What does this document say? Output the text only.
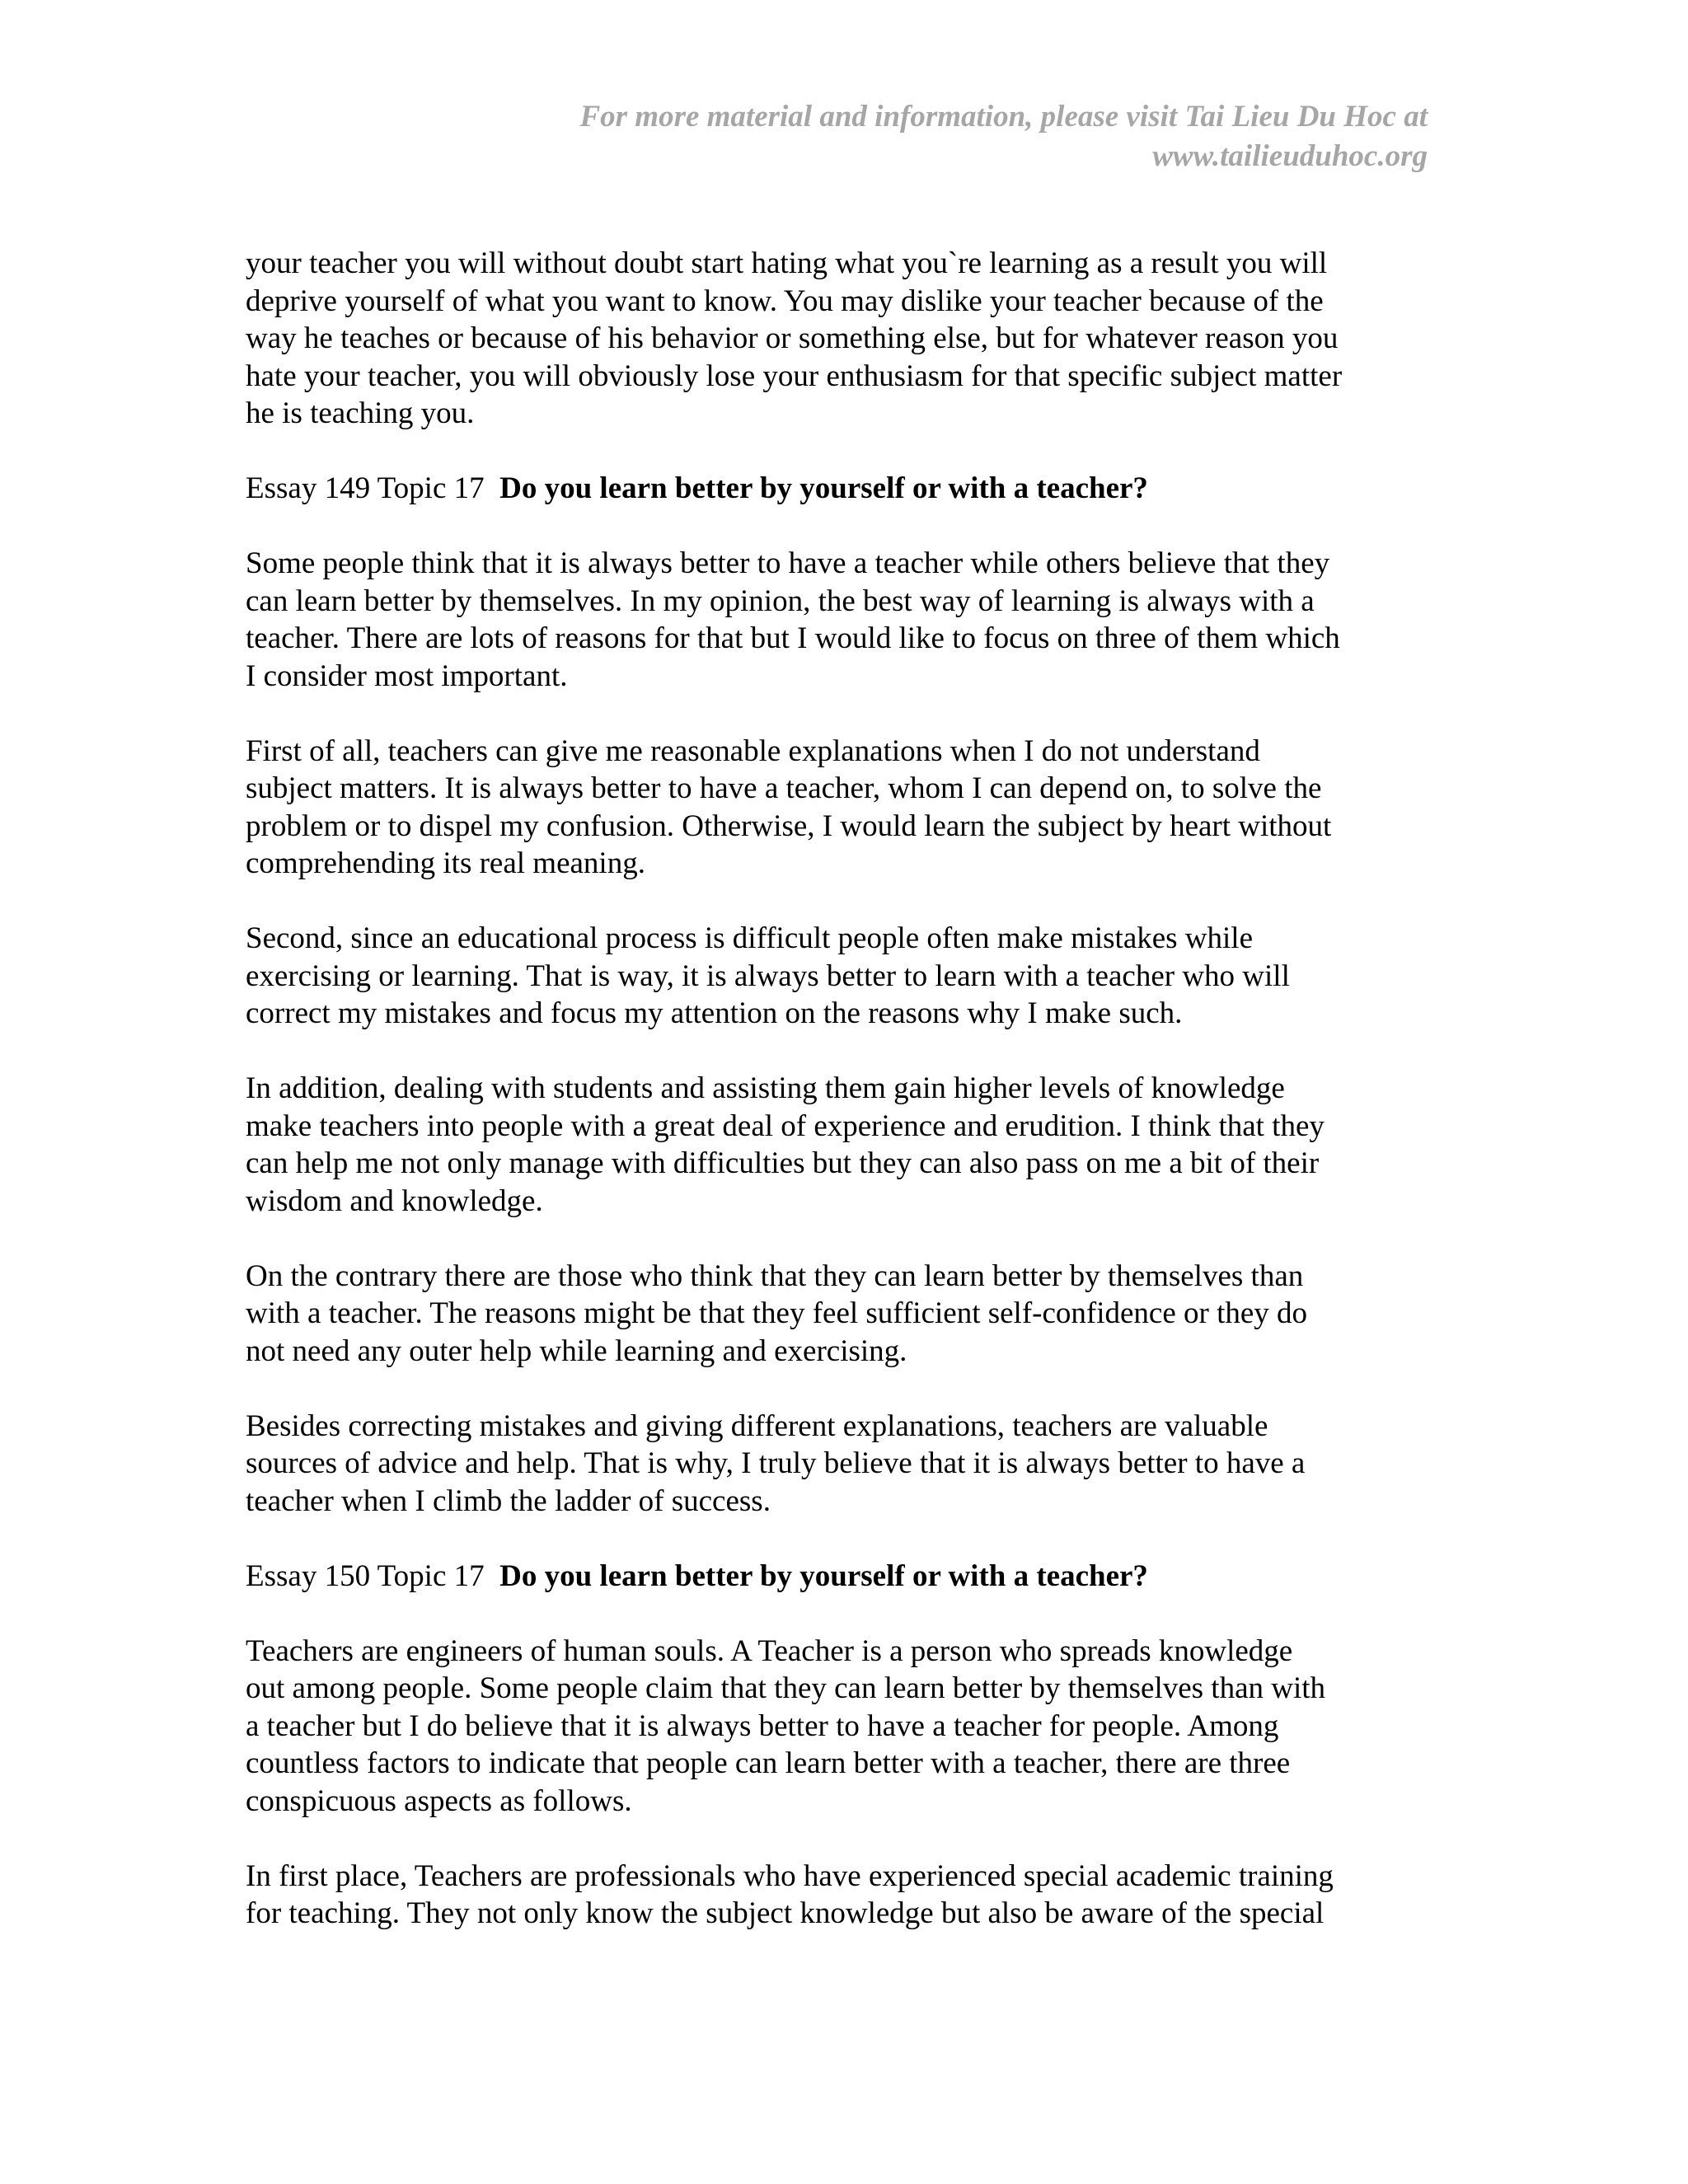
For more material and information, please visit Tai Lieu Du Hoc at
www.tailieuduhoc.org
your teacher you will without doubt start hating what you`re learning as a result you will
deprive yourself of what you want to know. You may dislike your teacher because of the
way he teaches or because of his behavior or something else, but for whatever reason you
hate your teacher, you will obviously lose your enthusiasm for that specific subject matter
he is teaching you.
Essay 149 Topic 17  Do you learn better by yourself or with a teacher?
Some people think that it is always better to have a teacher while others believe that they
can learn better by themselves. In my opinion, the best way of learning is always with a
teacher. There are lots of reasons for that but I would like to focus on three of them which
I consider most important.
First of all, teachers can give me reasonable explanations when I do not understand
subject matters. It is always better to have a teacher, whom I can depend on, to solve the
problem or to dispel my confusion. Otherwise, I would learn the subject by heart without
comprehending its real meaning.
Second, since an educational process is difficult people often make mistakes while
exercising or learning. That is way, it is always better to learn with a teacher who will
correct my mistakes and focus my attention on the reasons why I make such.
In addition, dealing with students and assisting them gain higher levels of knowledge
make teachers into people with a great deal of experience and erudition. I think that they
can help me not only manage with difficulties but they can also pass on me a bit of their
wisdom and knowledge.
On the contrary there are those who think that they can learn better by themselves than
with a teacher. The reasons might be that they feel sufficient self-confidence or they do
not need any outer help while learning and exercising.
Besides correcting mistakes and giving different explanations, teachers are valuable
sources of advice and help. That is why, I truly believe that it is always better to have a
teacher when I climb the ladder of success.
Essay 150 Topic 17  Do you learn better by yourself or with a teacher?
Teachers are engineers of human souls. A Teacher is a person who spreads knowledge
out among people. Some people claim that they can learn better by themselves than with
a teacher but I do believe that it is always better to have a teacher for people. Among
countless factors to indicate that people can learn better with a teacher, there are three
conspicuous aspects as follows.
In first place, Teachers are professionals who have experienced special academic training
for teaching. They not only know the subject knowledge but also be aware of the special
